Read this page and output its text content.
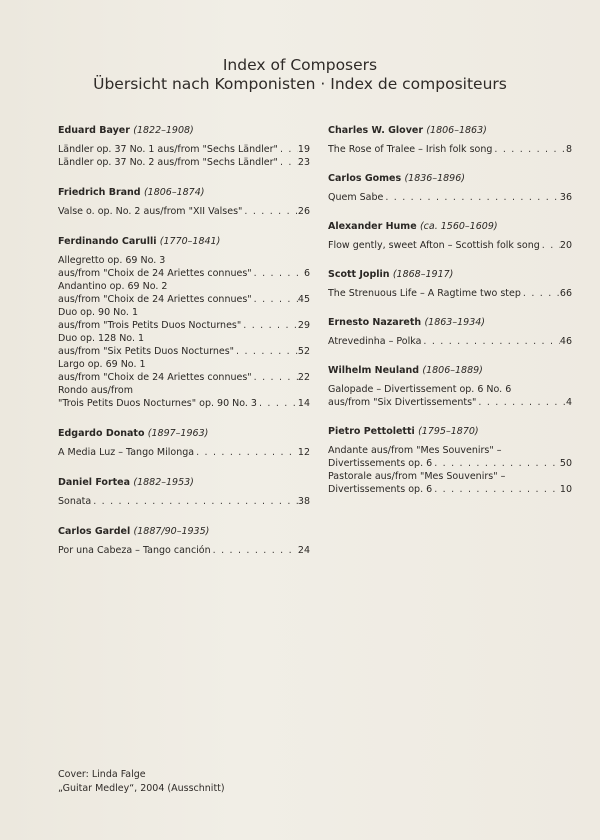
Index of Composers
Übersicht nach Komponisten · Index de compositeurs
Eduard Bayer (1822–1908)
Ländler op. 37 No. 1 aus/from "Sechs Ländler" . . . 19
Ländler op. 37 No. 2 aus/from "Sechs Ländler" . . . 23
Friedrich Brand (1806–1874)
Valse o. op. No. 2 aus/from "XII Valses" . . .	26
Ferdinando Carulli (1770–1841)
Allegretto op. 69 No. 3
aus/from "Choix de 24 Ariettes connues" . . .	6
Andantino op. 69 No. 2
aus/from "Choix de 24 Ariettes connues" . . .	45
Duo op. 90 No. 1
aus/from "Trois Petits Duos Nocturnes" . . .	29
Duo op. 128 No. 1
aus/from "Six Petits Duos Nocturnes" . . .	52
Largo op. 69 No. 1
aus/from "Choix de 24 Ariettes connues" . . .	22
Rondo aus/from
"Trois Petits Duos Nocturnes" op. 90 No. 3 . . .	14
Edgardo Donato (1897–1963)
A Media Luz – Tango Milonga . . .	12
Daniel Fortea (1882–1953)
Sonata . . .	38
Carlos Gardel (1887/90–1935)
Por una Cabeza – Tango canción . . .	24
Charles W. Glover (1806–1863)
The Rose of Tralee – Irish folk song . . .	8
Carlos Gomes (1836–1896)
Quem Sabe . . .	36
Alexander Hume (ca. 1560–1609)
Flow gently, sweet Afton – Scottish folk song . . . 20
Scott Joplin (1868–1917)
The Strenuous Life – A Ragtime two step . . .	66
Ernesto Nazareth (1863–1934)
Atrevedinha – Polka . . .	46
Wilhelm Neuland (1806–1889)
Galopade – Divertissement op. 6 No. 6
aus/from "Six Divertissements" . . .	4
Pietro Pettoletti (1795–1870)
Andante aus/from "Mes Souvenirs" –
Divertissements op. 6 . . .	50
Pastorale aus/from "Mes Souvenirs" –
Divertissements op. 6 . . .	10
Cover: Linda Falge
„Guitar Medley“, 2004 (Ausschnitt)
